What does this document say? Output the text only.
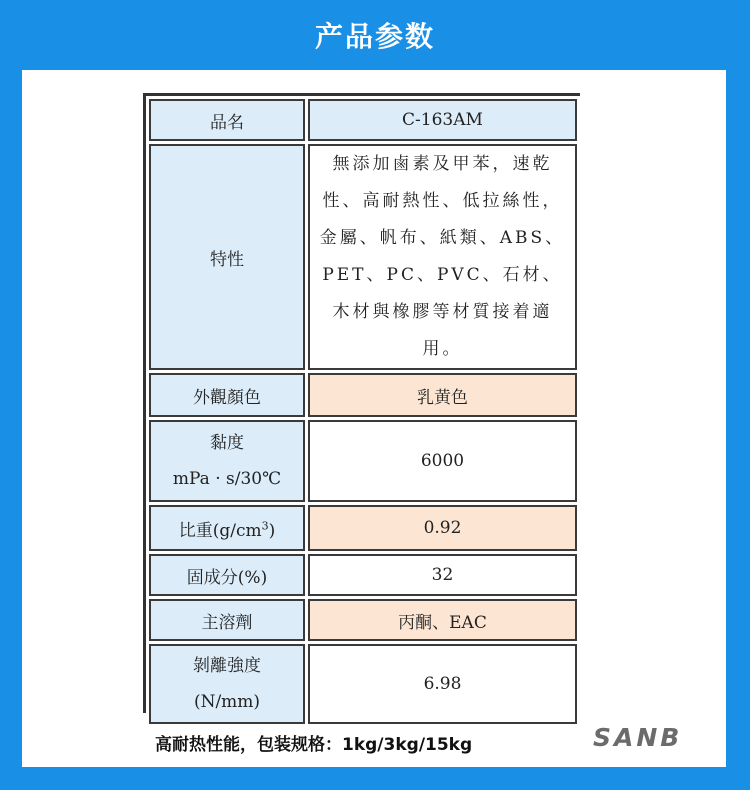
产品参数
品名	C-163AM
特性	無添加鹵素及甲苯，速乾性、高耐熱性、低拉絲性，金屬、帆布、紙類、ABS、PET、PC、PVC、石材、木材與橡膠等材質接着適用。
外觀顏色	乳黄色

黏度
mPa · s/30℃	6000
比重$(g/cm^3)$	0.92
固成分(%)	32
主溶劑	丙酮、EAC

剝離強度
(N/mm)	6.98
高耐热性能，包装规格：1kg/3kg/15kg	SANB
